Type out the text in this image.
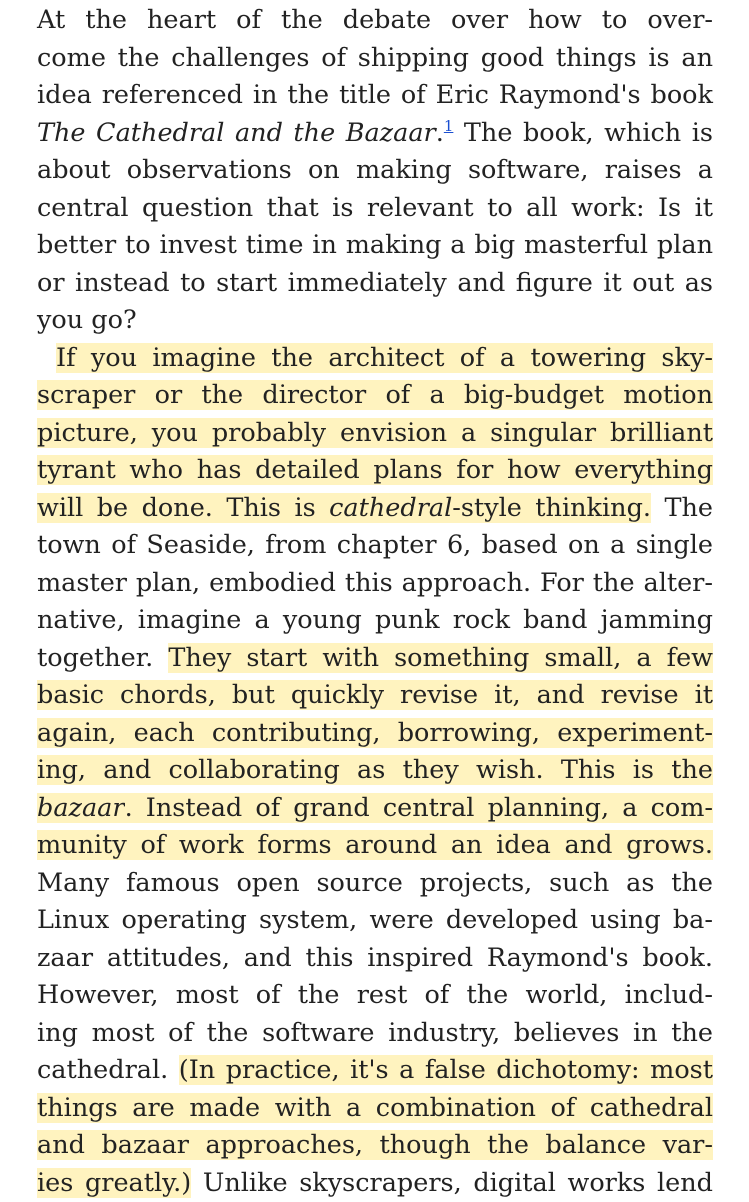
At the heart of the debate over how to over-
come the challenges of shipping good things is an
idea referenced in the title of Eric Raymond's book
The Cathedral and the Bazaar.$^1$ The book, which is
about observations on making software, raises a
central question that is relevant to all work: Is it
better to invest time in making a big masterful plan
or instead to start immediately and figure it out as
you go?
If you imagine the architect of a towering sky-
scraper or the director of a big-budget motion
picture, you probably envision a singular brilliant
tyrant who has detailed plans for how everything
will be done. This is cathedral-style thinking. The
town of Seaside, from chapter 6, based on a single
master plan, embodied this approach. For the alter-
native, imagine a young punk rock band jamming
together. They start with something small, a few
basic chords, but quickly revise it, and revise it
again, each contributing, borrowing, experiment-
ing, and collaborating as they wish. This is the
bazaar. Instead of grand central planning, a com-
munity of work forms around an idea and grows.
Many famous open source projects, such as the
Linux operating system, were developed using ba-
zaar attitudes, and this inspired Raymond's book.
However, most of the rest of the world, includ-
ing most of the software industry, believes in the
cathedral. (In practice, it's a false dichotomy: most
things are made with a combination of cathedral
and bazaar approaches, though the balance var-
ies greatly.) Unlike skyscrapers, digital works lend
